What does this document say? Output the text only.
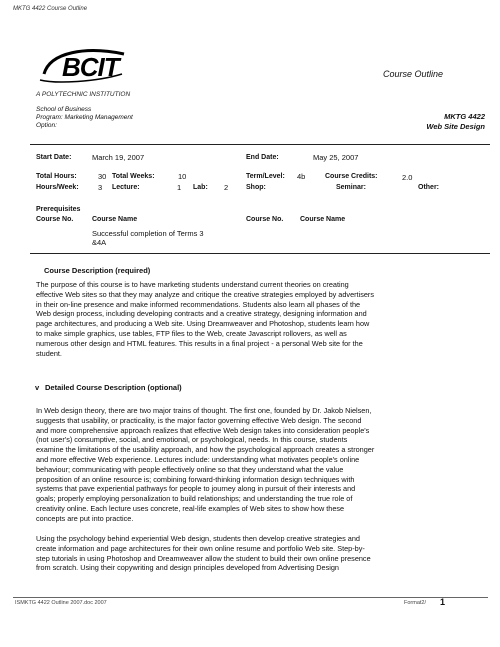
MKTG 4422 Course Outline
BCIT
A POLYTECHNIC INSTITUTION
Course Outline
School of Business
Program: Marketing Management
Option:
MKTG 4422
Web Site Design
Start Date:	March 19, 2007	End Date:	May 25, 2007
Total Hours:	30 Total Weeks:	10	Term/Level: 4b	Course Credits:	2.0
Hours/Week:	3 Lecture:	1 Lab: 2	Shop:	Seminar:	Other:
Prerequisites
Course No.	Course Name	Course No. Course Name
Successful completion of Terms 3
&4A
Course Description (required)
The purpose of this course is to have marketing students understand current theories on creating
effective Web sites so that they may analyze and critique the creative strategies employed by advertisers
in their on-line presence and make informed recommendations. Students also learn all phases of the
Web design process, including developing contracts and a creative strategy, designing information and
page architectures, and producing a Web site. Using Dreamweaver and Photoshop, students learn how
to make simple graphics, use tables, FTP files to the Web, create Javascript rollovers, as well as
numerous other design and HTML features. This results in a final project - a personal Web site for the
student.
v Detailed Course Description (optional)
In Web design theory, there are two major trains of thought. The first one, founded by Dr. Jakob Nielsen,
suggests that usability, or practicality, is the major factor governing effective Web design. The second
and more comprehensive approach realizes that effective Web design takes into consideration people's
(not user's) consumptive, social, and emotional, or psychological, needs. In this course, students
examine the limitations of the usability approach, and how the psychological approach creates a stronger
and more effective Web experience. Lectures include: understanding what motivates people's online
behaviour; communicating with people effectively online so that they understand what the value
proposition of an online resource is; combining forward-thinking information design techniques with
systems that pave experiential pathways for people to journey along in pursuit of their interests and
goals; properly employing personalization to build relationships; and understanding the true role of
creativity online. Each lecture uses concrete, real-life examples of Web sites to show how these
concepts are put into practice.
Using the psychology behind experiential Web design, students then develop creative strategies and
create information and page architectures for their own online resume and portfolio Web site. Step-by-
step tutorials in using Photoshop and Dreamweaver allow the student to build their own online presence
from scratch. Using their copywriting and design principles developed from Advertising Design
ISMKTG 4422 Outline 2007.doc 2007	Format2/ 1
